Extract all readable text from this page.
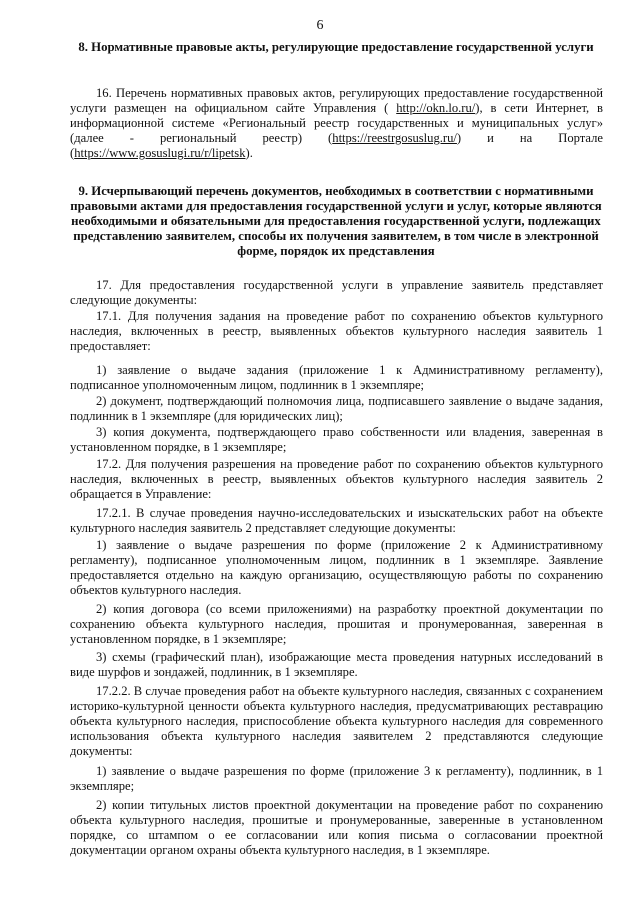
6

8. Нормативные правовые акты, регулирующие предоставление государственной услуги

16. Перечень нормативных правовых актов, регулирующих предоставление государственной услуги размещен на официальном сайте Управления ( http://okn.lo.ru/), в сети Интернет, в информационной системе «Региональный реестр государственных и муниципальных услуг» (далее - региональный реестр) (https://reestrgosuslug.ru/) и на Портале (https://www.gosuslugi.ru/r/lipetsk).

9. Исчерпывающий перечень документов, необходимых в соответствии с нормативными правовыми актами для предоставления государственной услуги и услуг, которые являются необходимыми и обязательными для предоставления государственной услуги, подлежащих представлению заявителем, способы их получения заявителем, в том числе в электронной форме, порядок их представления

17. Для предоставления государственной услуги в управление заявитель представляет следующие документы:

17.1. Для получения задания на проведение работ по сохранению объектов культурного наследия, включенных в реестр, выявленных объектов культурного наследия заявитель 1 предоставляет:

1) заявление о выдаче задания (приложение 1 к Административному регламенту), подписанное уполномоченным лицом, подлинник в 1 экземпляре;

2) документ, подтверждающий полномочия лица, подписавшего заявление о выдаче задания, подлинник в 1 экземпляре (для юридических лиц);

3) копия документа, подтверждающего право собственности или владения, заверенная в установленном порядке, в 1 экземпляре;

17.2. Для получения разрешения на проведение работ по сохранению объектов культурного наследия, включенных в реестр, выявленных объектов культурного наследия заявитель 2 обращается в Управление:

17.2.1. В случае проведения научно-исследовательских и изыскательских работ на объекте культурного наследия заявитель 2 представляет следующие документы:

1) заявление о выдаче разрешения по форме (приложение 2 к Административному регламенту), подписанное уполномоченным лицом, подлинник в 1 экземпляре. Заявление предоставляется отдельно на каждую организацию, осуществляющую работы по сохранению объектов культурного наследия.

2) копия договора (со всеми приложениями) на разработку проектной документации по сохранению объекта культурного наследия, прошитая и пронумерованная, заверенная в установленном порядке, в 1 экземпляре;

3) схемы (графический план), изображающие места проведения натурных исследований в виде шурфов и зондажей, подлинник, в 1 экземпляре.

17.2.2. В случае проведения работ на объекте культурного наследия, связанных с сохранением историко-культурной ценности объекта культурного наследия, предусматривающих реставрацию объекта культурного наследия, приспособление объекта культурного наследия для современного использования объекта культурного наследия заявителем 2 представляются следующие документы:

1) заявление о выдаче разрешения по форме (приложение 3 к регламенту), подлинник, в 1 экземпляре;

2) копии титульных листов проектной документации на проведение работ по сохранению объекта культурного наследия, прошитые и пронумерованные, заверенные в установленном порядке, со штампом о ее согласовании или копия письма о согласовании проектной документации органом охраны объекта культурного наследия, в 1 экземпляре.
